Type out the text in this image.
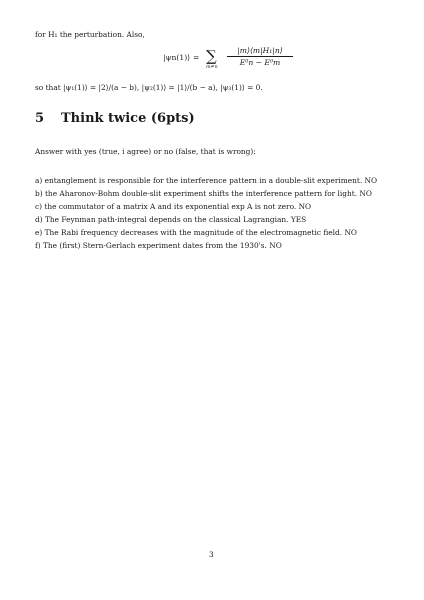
for H₁ the perturbation. Also,
|ψn(1)⟩ = ∑
m≠n
|m⟩⟨m|H₁|n⟩
E⁰n − E⁰m
so that |ψ₁(1)⟩ = |2⟩/(a − b), |ψ₂(1)⟩ = |1⟩/(b − a), |ψ₃(1)⟩ = 0.
5 Think twice (6pts)
Answer with yes (true, i agree) or no (false, that is wrong):
a) entanglement is responsible for the interference pattern in a double-slit experiment. NO
b) the Aharonov-Bohm double-slit experiment shifts the interference pattern for light. NO
c) the commutator of a matrix A and its exponential exp A is not zero. NO
d) The Feynman path-integral depends on the classical Lagrangian. YES
e) The Rabi frequency decreases with the magnitude of the electromagnetic field. NO
f) The (first) Stern-Gerlach experiment dates from the 1930's. NO
3
